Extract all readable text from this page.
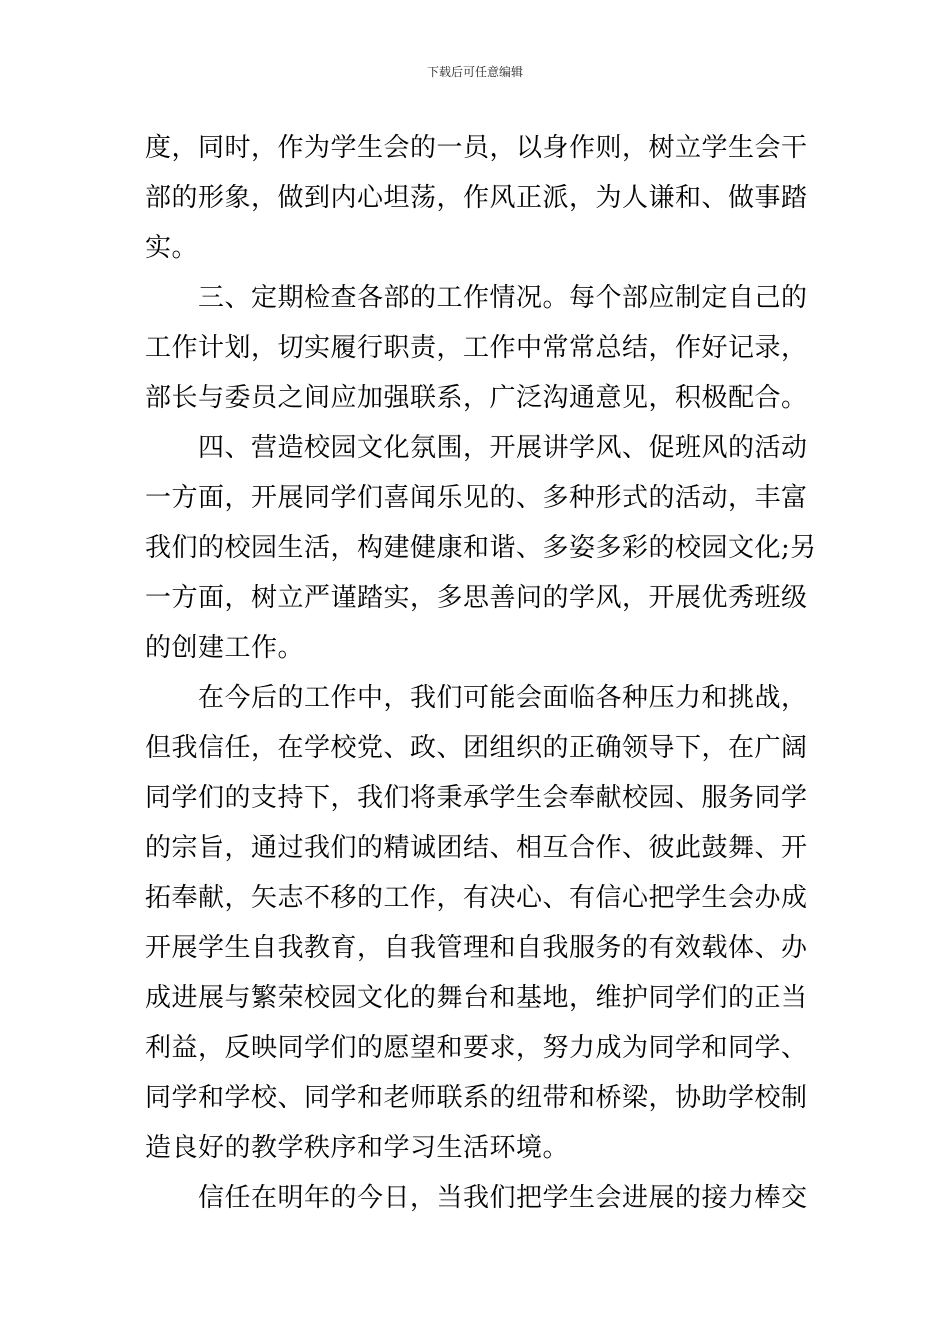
下载后可任意编辑
度，同时，作为学生会的一员，以身作则，树立学生会干
部的形象，做到内心坦荡，作风正派，为人谦和、做事踏
实。
三、定期检查各部的工作情况。每个部应制定自己的
工作计划，切实履行职责，工作中常常总结，作好记录，
部长与委员之间应加强联系，广泛沟通意见，积极配合。
四、营造校园文化氛围，开展讲学风、促班风的活动
一方面，开展同学们喜闻乐见的、多种形式的活动，丰富
我们的校园生活，构建健康和谐、多姿多彩的校园文化;另
一方面，树立严谨踏实，多思善问的学风，开展优秀班级
的创建工作。
在今后的工作中，我们可能会面临各种压力和挑战，
但我信任，在学校党、政、团组织的正确领导下，在广阔
同学们的支持下，我们将秉承学生会奉献校园、服务同学
的宗旨，通过我们的精诚团结、相互合作、彼此鼓舞、开
拓奉献，矢志不移的工作，有决心、有信心把学生会办成
开展学生自我教育，自我管理和自我服务的有效载体、办
成进展与繁荣校园文化的舞台和基地，维护同学们的正当
利益，反映同学们的愿望和要求，努力成为同学和同学、
同学和学校、同学和老师联系的纽带和桥梁，协助学校制
造良好的教学秩序和学习生活环境。
信任在明年的今日，当我们把学生会进展的接力棒交
